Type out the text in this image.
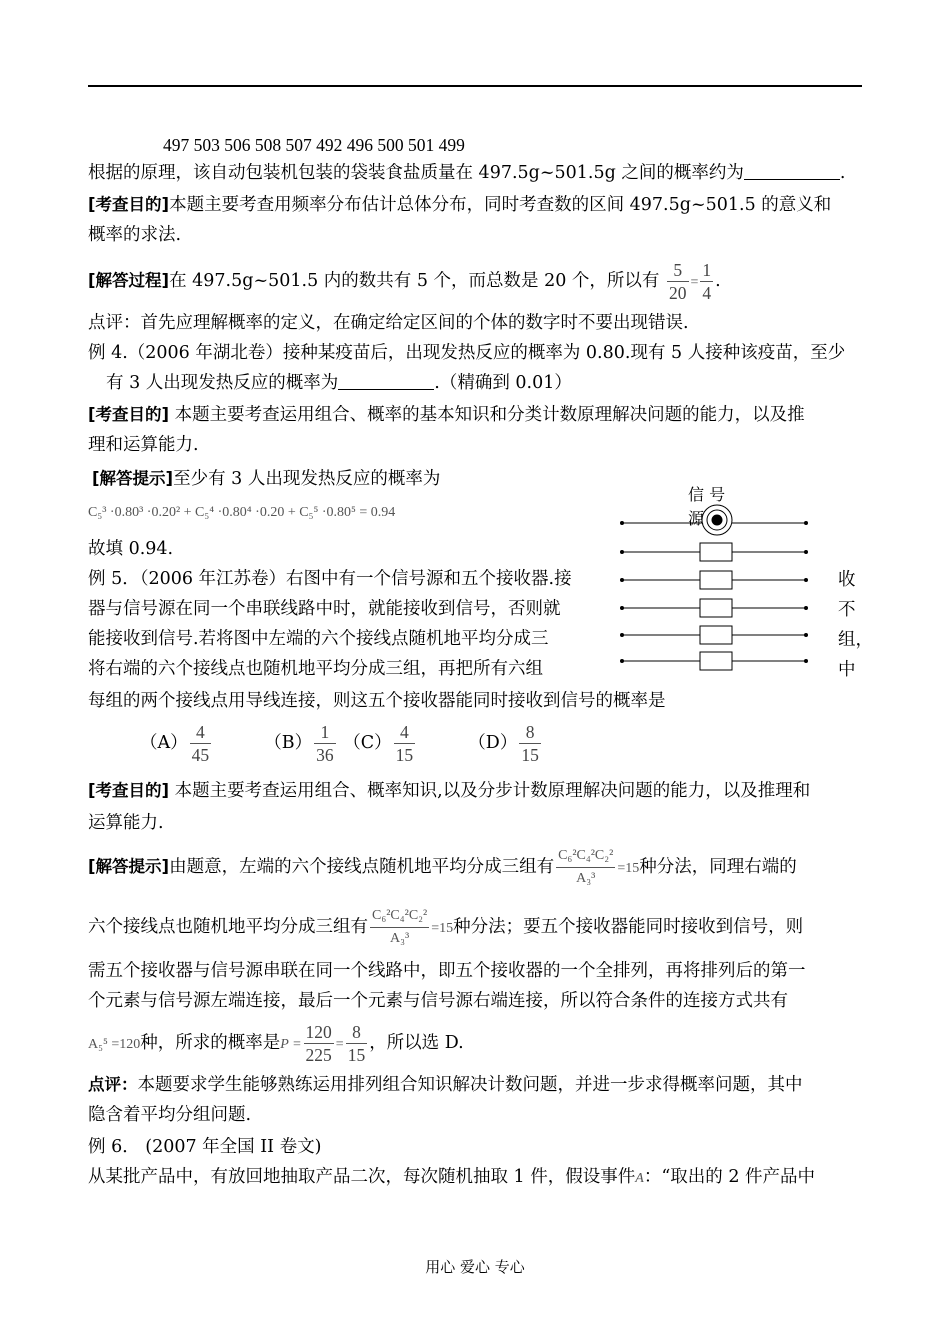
497 503 506 508 507 492 496 500 501 499
根据的原理，该自动包装机包装的袋装食盐质量在 497.5g~501.5g 之间的概率约为	.
[考查目的]本题主要考查用频率分布估计总体分布，同时考查数的区间 497.5g~501.5 的意义和
概率的求法.
[解答过程]在 497.5g~501.5 内的数共有 5 个，而总数是 20 个，所以有 $\frac{5}{20} = \frac{1}{4}$ .
点评：首先应理解概率的定义，在确定给定区间的个体的数字时不要出现错误.
例 4.（2006 年湖北卷）接种某疫苗后，出现发热反应的概率为 0.80.现有 5 人接种该疫苗，至少
有 3 人出现发热反应的概率为	.（精确到 0.01）
[考查目的] 本题主要考查运用组合、概率的基本知识和分类计数原理解决问题的能力，以及推
理和运算能力.
[解答提示]至少有 3 人出现发热反应的概率为
C₅³ ·0.80³ ·0.20² + C₅⁴ ·0.80⁴ ·0.20 + C₅⁵ ·0.80⁵ = 0.94
故填 0.94.
例 5．（2006 年江苏卷）右图中有一个信号源和五个接收器.接
器与信号源在同一个串联线路中时，就能接收到信号，否则就
能接收到信号.若将图中左端的六个接线点随机地平均分成三
将右端的六个接线点也随机地平均分成三组，再把所有六组
每组的两个接线点用导线连接，则这五个接收器能同时接收到信号的概率是
收
不
组，
中
信 号
源
$(A) \frac{4}{45}$	$(B) \frac{1}{36} (C) \frac{4}{15}$	$(D) \frac{8}{15}$
[考查目的] 本题主要考查运用组合、概率知识,以及分步计数原理解决问题的能力，以及推理和
运算能力.
[解答提示]由题意，左端的六个接线点随机地平均分成三组有 $\frac{\text{C₆²C₄²C₂²}}{\text{A₃³}} =15$种分法，同理右端的
六个接线点也随机地平均分成三组有 $\frac{\text{C₆²C₄²C₂²}}{\text{A₃³}} =15$种分法；要五个接收器能同时接收到信号，则
需五个接收器与信号源串联在同一个线路中，即五个接收器的一个全排列，再将排列后的第一
个元素与信号源左端连接，最后一个元素与信号源右端连接，所以符合条件的连接方式共有
A₅⁵ =120种，所求的概率是$P = \frac{120}{225} = \frac{8}{15}$ ，所以选 D.
点评：本题要求学生能够熟练运用排列组合知识解决计数问题，并进一步求得概率问题，其中
隐含着平均分组问题.
例 6． (2007 年全国 II 卷文)
从某批产品中，有放回地抽取产品二次，每次随机抽取 1 件，假设事件A：“取出的 2 件产品中
用心 爱心 专心
